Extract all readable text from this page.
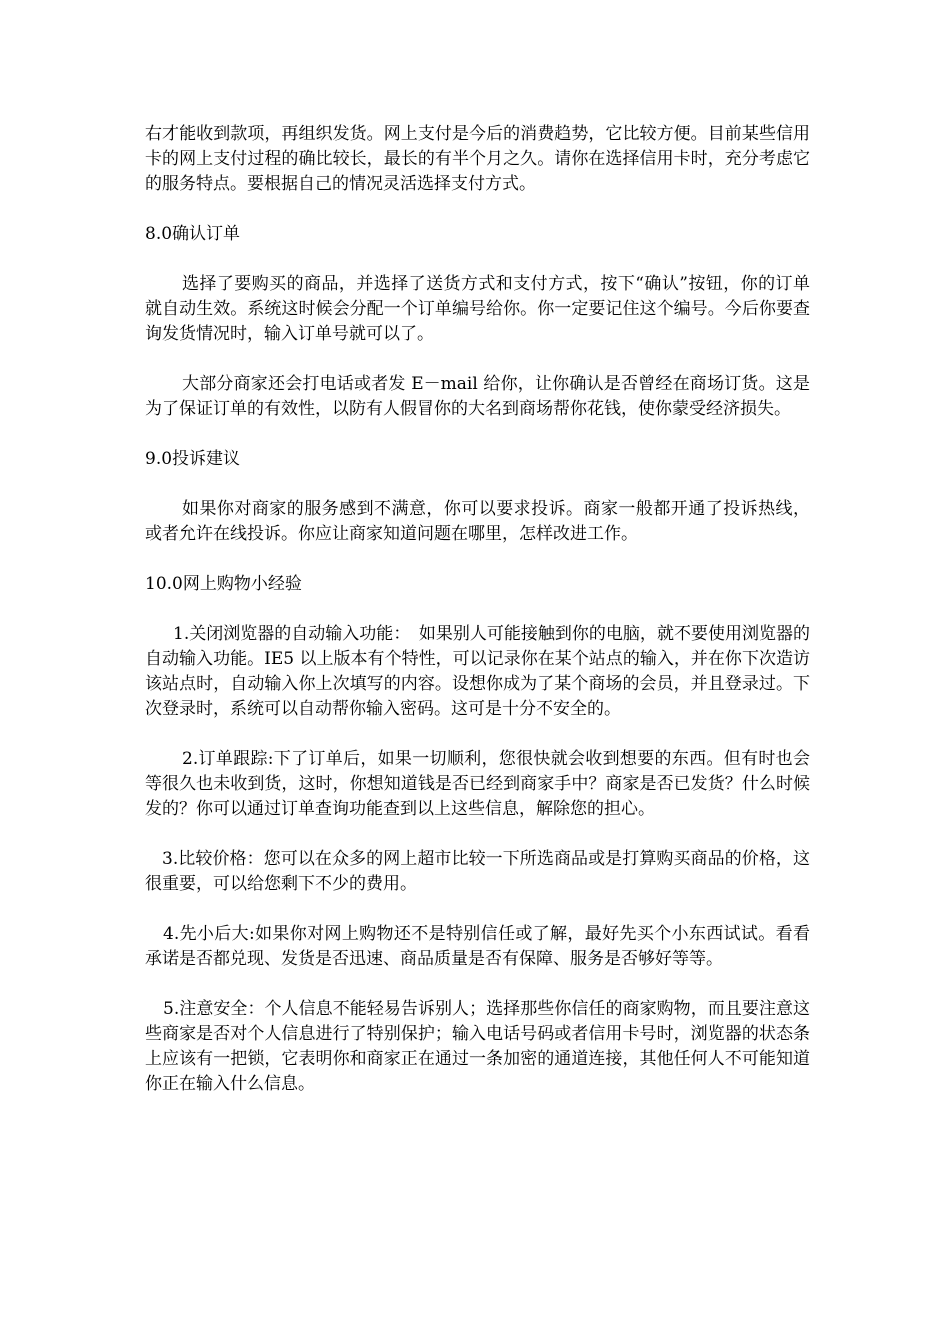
右才能收到款项，再组织发货。网上支付是今后的消费趋势，它比较方便。目前某些信用卡的网上支付过程的确比较长，最长的有半个月之久。请你在选择信用卡时，充分考虑它的服务特点。要根据自己的情况灵活选择支付方式。

8.0确认订单

选择了要购买的商品，并选择了送货方式和支付方式，按下“确认”按钮，你的订单就自动生效。系统这时候会分配一个订单编号给你。你一定要记住这个编号。今后你要查询发货情况时，输入订单号就可以了。

大部分商家还会打电话或者发 E－mail 给你，让你确认是否曾经在商场订货。这是为了保证订单的有效性，以防有人假冒你的大名到商场帮你花钱，使你蒙受经济损失。

9.0投诉建议

如果你对商家的服务感到不满意，你可以要求投诉。商家一般都开通了投诉热线，或者允许在线投诉。你应让商家知道问题在哪里，怎样改进工作。

10.0网上购物小经验

1.关闭浏览器的自动输入功能：　如果别人可能接触到你的电脑，就不要使用浏览器的自动输入功能。IE5 以上版本有个特性，可以记录你在某个站点的输入，并在你下次造访该站点时，自动输入你上次填写的内容。设想你成为了某个商场的会员，并且登录过。下次登录时，系统可以自动帮你输入密码。这可是十分不安全的。

2.订单跟踪:下了订单后，如果一切顺利，您很快就会收到想要的东西。但有时也会等很久也未收到货，这时，你想知道钱是否已经到商家手中？商家是否已发货？什么时候发的？你可以通过订单查询功能查到以上这些信息，解除您的担心。

3.比较价格：您可以在众多的网上超市比较一下所选商品或是打算购买商品的价格，这很重要，可以给您剩下不少的费用。

4.先小后大:如果你对网上购物还不是特别信任或了解，最好先买个小东西试试。看看承诺是否都兑现、发货是否迅速、商品质量是否有保障、服务是否够好等等。

5.注意安全：个人信息不能轻易告诉别人；选择那些你信任的商家购物，而且要注意这些商家是否对个人信息进行了特别保护；输入电话号码或者信用卡号时，浏览器的状态条上应该有一把锁，它表明你和商家正在通过一条加密的通道连接，其他任何人不可能知道你正在输入什么信息。
